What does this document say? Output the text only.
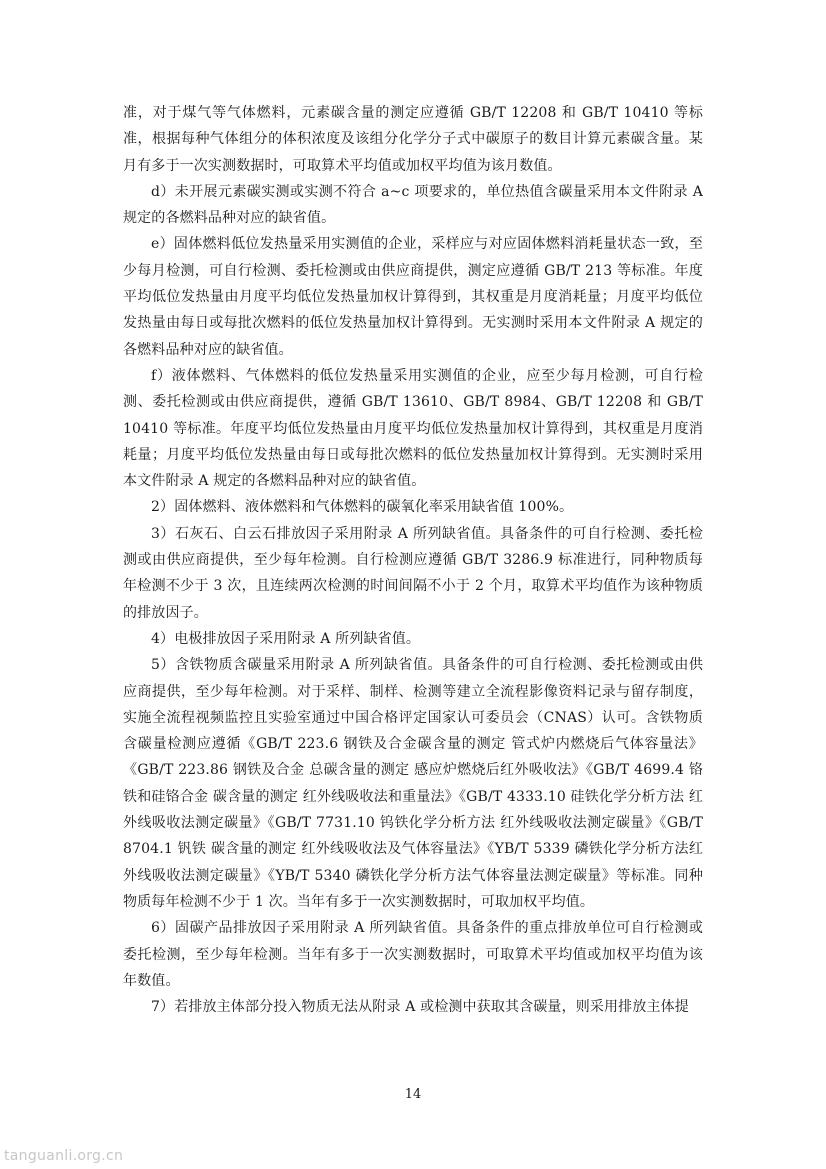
准，对于煤气等气体燃料，元素碳含量的测定应遵循 GB/T 12208 和 GB/T 10410 等标准，根据每种气体组分的体积浓度及该组分化学分子式中碳原子的数目计算元素碳含量。某月有多于一次实测数据时，可取算术平均值或加权平均值为该月数值。

d）未开展元素碳实测或实测不符合 a~c 项要求的，单位热值含碳量采用本文件附录 A 规定的各燃料品种对应的缺省值。

e）固体燃料低位发热量采用实测值的企业，采样应与对应固体燃料消耗量状态一致，至少每月检测，可自行检测、委托检测或由供应商提供，测定应遵循 GB/T 213 等标准。年度平均低位发热量由月度平均低位发热量加权计算得到，其权重是月度消耗量；月度平均低位发热量由每日或每批次燃料的低位发热量加权计算得到。无实测时采用本文件附录 A 规定的各燃料品种对应的缺省值。

f）液体燃料、气体燃料的低位发热量采用实测值的企业，应至少每月检测，可自行检测、委托检测或由供应商提供，遵循 GB/T 13610、GB/T 8984、GB/T 12208 和 GB/T 10410 等标准。年度平均低位发热量由月度平均低位发热量加权计算得到，其权重是月度消耗量；月度平均低位发热量由每日或每批次燃料的低位发热量加权计算得到。无实测时采用本文件附录 A 规定的各燃料品种对应的缺省值。

2）固体燃料、液体燃料和气体燃料的碳氧化率采用缺省值 100%。

3）石灰石、白云石排放因子采用附录 A 所列缺省值。具备条件的可自行检测、委托检测或由供应商提供，至少每年检测。自行检测应遵循 GB/T 3286.9 标准进行，同种物质每年检测不少于 3 次，且连续两次检测的时间间隔不小于 2 个月，取算术平均值作为该种物质的排放因子。

4）电极排放因子采用附录 A 所列缺省值。

5）含铁物质含碳量采用附录 A 所列缺省值。具备条件的可自行检测、委托检测或由供应商提供，至少每年检测。对于采样、制样、检测等建立全流程影像资料记录与留存制度，实施全流程视频监控且实验室通过中国合格评定国家认可委员会（CNAS）认可。含铁物质含碳量检测应遵循《GB/T 223.6 钢铁及合金碳含量的测定 管式炉内燃烧后气体容量法》《GB/T 223.86 钢铁及合金 总碳含量的测定 感应炉燃烧后红外吸收法》《GB/T 4699.4 铬铁和硅铬合金 碳含量的测定 红外线吸收法和重量法》《GB/T 4333.10 硅铁化学分析方法 红外线吸收法测定碳量》《GB/T 7731.10 钨铁化学分析方法 红外线吸收法测定碳量》《GB/T 8704.1 钒铁 碳含量的测定 红外线吸收法及气体容量法》《YB/T 5339 磷铁化学分析方法红外线吸收法测定碳量》《YB/T 5340 磷铁化学分析方法气体容量法测定碳量》等标准。同种物质每年检测不少于 1 次。当年有多于一次实测数据时，可取加权平均值。

6）固碳产品排放因子采用附录 A 所列缺省值。具备条件的重点排放单位可自行检测或委托检测，至少每年检测。当年有多于一次实测数据时，可取算术平均值或加权平均值为该年数值。

7）若排放主体部分投入物质无法从附录 A 或检测中获取其含碳量，则采用排放主体提

14
tanguanli.org.cn
